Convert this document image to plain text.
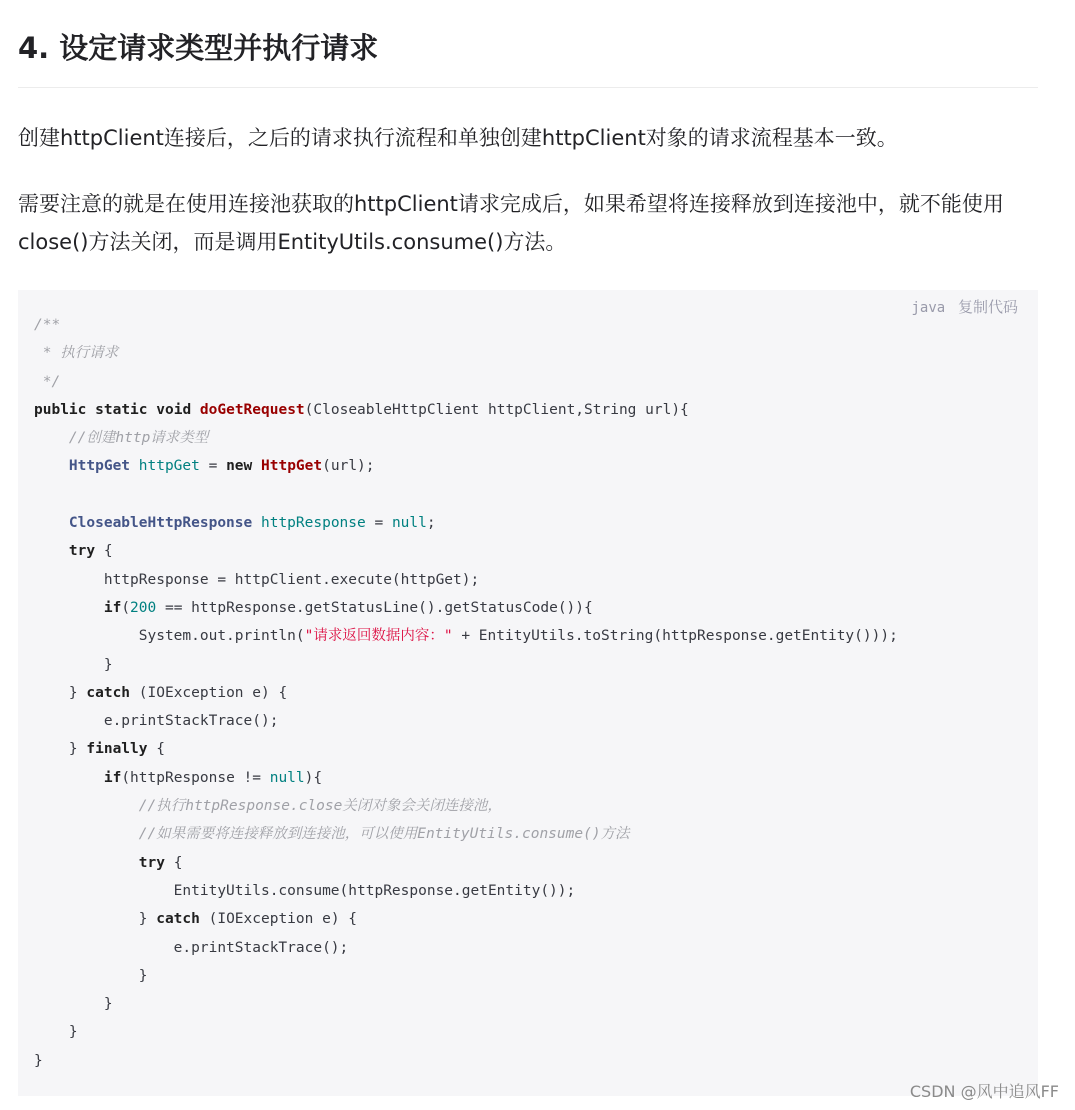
4. 设定请求类型并执行请求

创建httpClient连接后，之后的请求执行流程和单独创建httpClient对象的请求流程基本一致。

需要注意的就是在使用连接池获取的httpClient请求完成后，如果希望将连接释放到连接池中，就不能使用close()方法关闭，而是调用EntityUtils.consume()方法。

java 复制代码
/**
* 执行请求
*/
public static void doGetRequest(CloseableHttpClient httpClient,String url){
//创建http请求类型
HttpGet httpGet = new HttpGet(url);

CloseableHttpResponse httpResponse = null;
try {
httpResponse = httpClient.execute(httpGet);
if(200 == httpResponse.getStatusLine().getStatusCode()){
System.out.println("请求返回数据内容：" + EntityUtils.toString(httpResponse.getEntity()));
}
} catch (IOException e) {
e.printStackTrace();
} finally {
if(httpResponse != null){
//执行httpResponse.close关闭对象会关闭连接池，
//如果需要将连接释放到连接池，可以使用EntityUtils.consume()方法
try {
EntityUtils.consume(httpResponse.getEntity());
} catch (IOException e) {
e.printStackTrace();
}
}
}
}
CSDN @风中追风FF
